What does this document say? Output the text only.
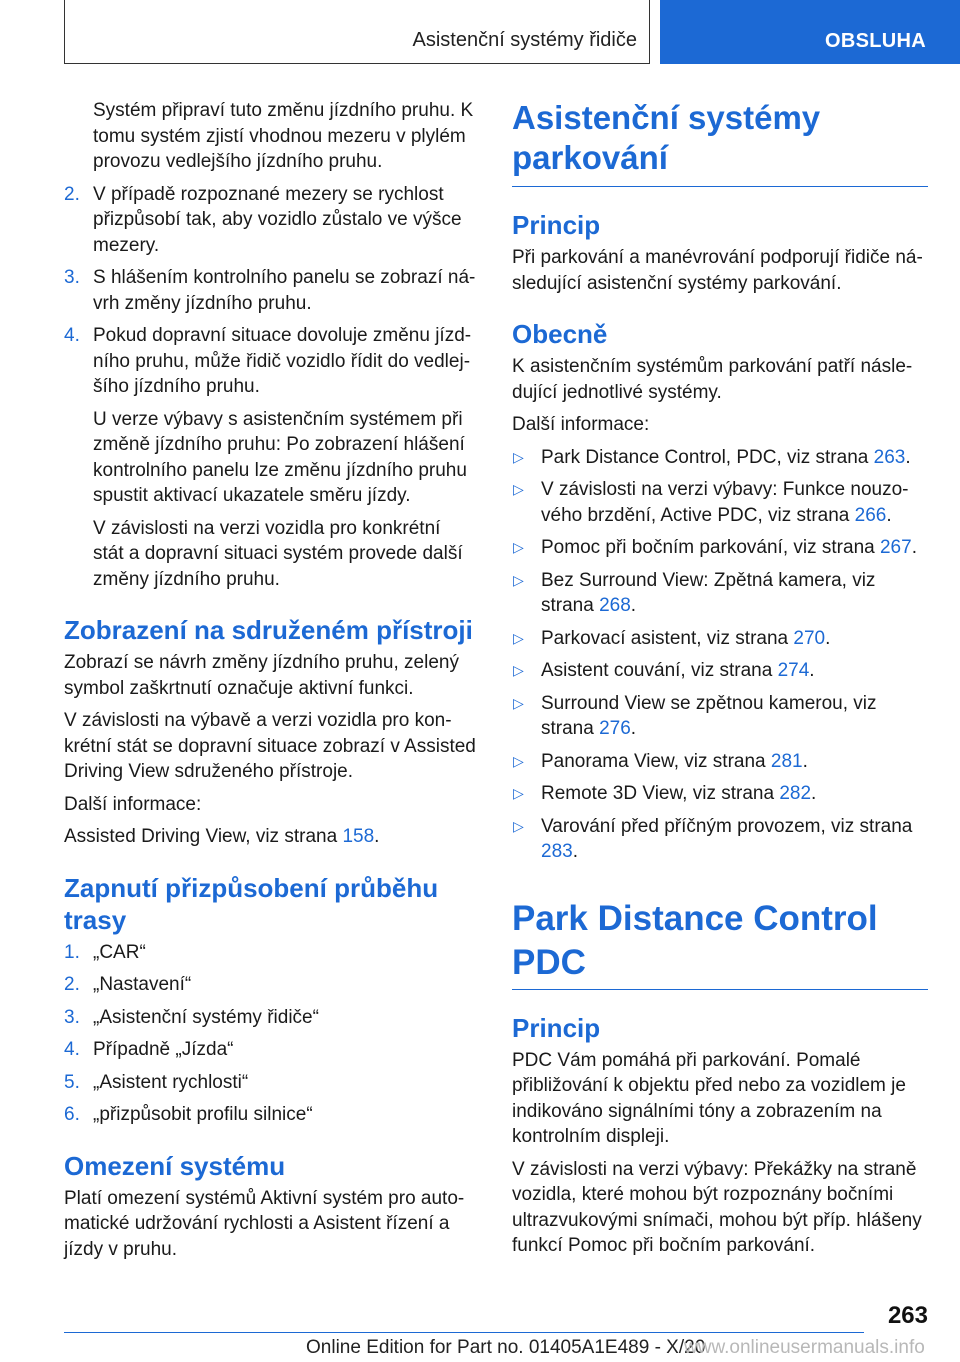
Asistenční systémy řidiče	OBSLUHA

Systém připraví tuto změnu jízdního pruhu. K tomu systém zjistí vhodnou mezeru v plylém provozu vedlejšího jízdního pruhu.

2. V případě rozpoznané mezery se rychlost přizpůsobí tak, aby vozidlo zůstalo ve výšce mezery.
3. S hlášením kontrolního panelu se zobrazí návrh změny jízdního pruhu.
4. Pokud dopravní situace dovoluje změnu jízdního pruhu, může řidič vozidlo řídit do vedlejšího jízdního pruhu.

U verze výbavy s asistenčním systémem při změně jízdního pruhu: Po zobrazení hlášení kontrolního panelu lze změnu jízdního pruhu spustit aktivací ukazatele směru jízdy.

V závislosti na verzi vozidla pro konkrétní stát a dopravní situaci systém provede další změny jízdního pruhu.

Zobrazení na sdruženém přístroji

Zobrazí se návrh změny jízdního pruhu, zelený symbol zaškrtnutí označuje aktivní funkci.

V závislosti na výbavě a verzi vozidla pro konkrétní stát se dopravní situace zobrazí v Assisted Driving View sdruženého přístroje.

Další informace:

Assisted Driving View, viz strana 158.

Zapnutí přizpůsobení průběhu trasy
1. „CAR“
2. „Nastavení“
3. „Asistenční systémy řidiče“
4. Případně „Jízda“
5. „Asistent rychlosti“
6. „přizpůsobit profilu silnice“
Omezení systému

Platí omezení systémů Aktivní systém pro automatické udržování rychlosti a Asistent řízení a jízdy v pruhu.

Asistenční systémy parkování
Princip

Při parkování a manévrování podporují řidiče následující asistenční systémy parkování.

Obecně

K asistenčním systémům parkování patří následující jednotlivé systémy.

Další informace:

▷ Park Distance Control, PDC, viz strana 263.
▷ V závislosti na verzi výbavy: Funkce nouzového brzdění, Active PDC, viz strana 266.
▷ Pomoc při bočním parkování, viz strana 267.
▷ Bez Surround View: Zpětná kamera, viz strana 268.
▷ Parkovací asistent, viz strana 270.
▷ Asistent couvání, viz strana 274.
▷ Surround View se zpětnou kamerou, viz strana 276.
▷ Panorama View, viz strana 281.
▷ Remote 3D View, viz strana 282.
▷ Varování před příčným provozem, viz strana 283.
Park Distance Control PDC
Princip

PDC Vám pomáhá při parkování. Pomalé přibližování k objektu před nebo za vozidlem je indikováno signálními tóny a zobrazením na kontrolním displeji.

V závislosti na verzi výbavy: Překážky na straně vozidla, které mohou být rozpoznány bočními ultrazvukovými snímači, mohou být příp. hlášeny funkcí Pomoc při bočním parkování.

263
Online Edition for Part no. 01405A1E489 - X/20
www.onlineusermanuals.info
